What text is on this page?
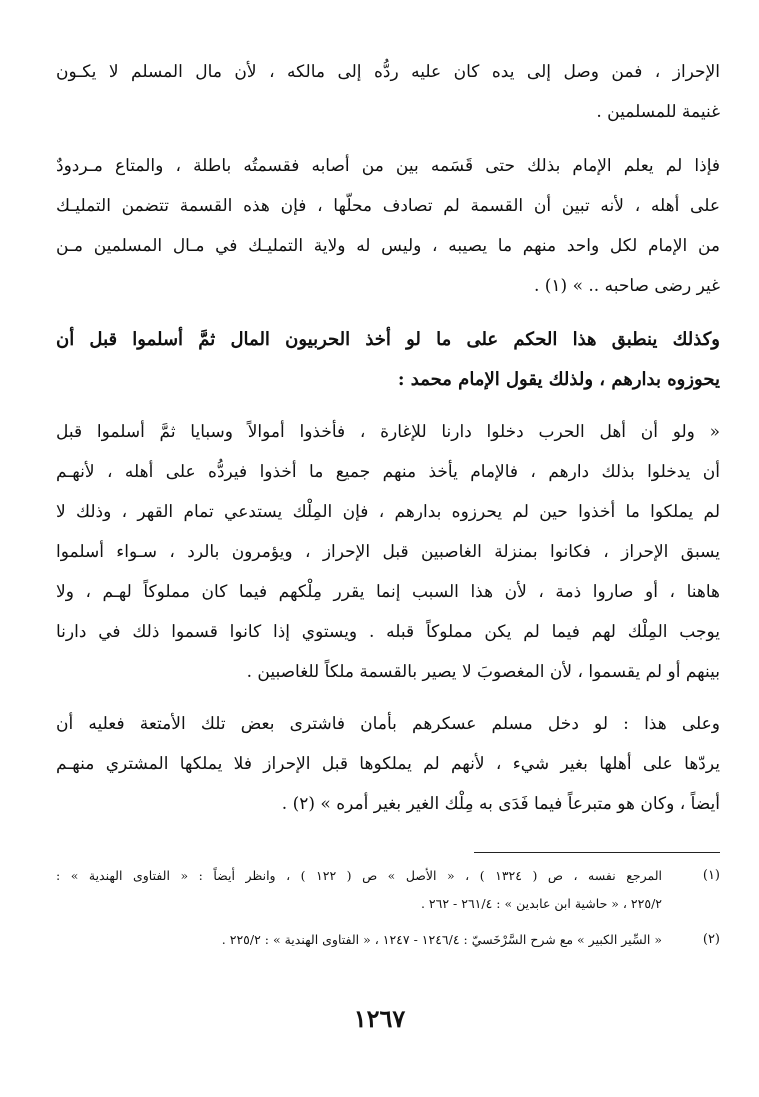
الإحراز ، فمن وصل إلى يده كان عليه ردُّه إلى مالكه ، لأن مال المسلم لا يكـون
غنيمة للمسلمين .
فإذا لم يعلم الإمام بذلك حتى قَسَمه بين من أصابه فقسمتُه باطلة ، والمتاع مـردودٌ
على أهله ، لأنه تبين أن القسمة لم تصادف محلّها ، فإن هذه القسمة تتضمن التمليـك
من الإمام لكل واحد منهم ما يصيبه ، وليس له ولاية التمليـك في مـال المسلمين مـن
غير رضى صاحبه .. » (١) .
وكذلك ينطبق هذا الحكم على ما لو أخذ الحربيون المال ثمَّ أسلموا قبل أن
يحوزوه بدارهم ، ولذلك يقول الإمام محمد :
« ولو أن أهل الحرب دخلوا دارنا للإغارة ، فأخذوا أموالاً وسبايا ثمَّ أسلموا قبل
أن يدخلوا بذلك دارهم ، فالإمام يأخذ منهم جميع ما أخذوا فيردُّه على أهله ، لأنهـم
لم يملكوا ما أخذوا حين لم يحرزوه بدارهم ، فإن المِلْك يستدعي تمام القهر ، وذلك لا
يسبق الإحراز ، فكانوا بمنزلة الغاصبين قبل الإحراز ، ويؤمرون بالرد ، سـواء أسلموا
هاهنا ، أو صاروا ذمة ، لأن هذا السبب إنما يقرر مِلْكهم فيما كان مملوكاً لهـم ، ولا
يوجب المِلْك لهم فيما لم يكن مملوكاً قبله . ويستوي إذا كانوا قسموا ذلك في دارنا
بينهم أو لم يقسموا ، لأن المغصوبَ لا يصير بالقسمة ملكاً للغاصبين .
وعلى هذا : لو دخل مسلم عسكرهم بأمان فاشترى بعض تلك الأمتعة فعليه أن
يردّها على أهلها بغير شيء ، لأنهم لم يملكوها قبل الإحراز فلا يملكها المشتري منهـم
أيضاً ، وكان هو متبرعاً فيما فَدَى به مِلْك الغير بغير أمره » (٢) .
(١)
المرجع نفسه ، ص ( ١٣٢٤ ) ، « الأصل » ص ( ١٢٢ ) ، وانظر أيضاً : « الفتاوى الهندية » :
٢٢٥/٢ ، « حاشية ابن عابدين » : ٢٦١/٤ - ٢٦٢ .
(٢)
« السِّير الكبير » مع شرح السَّرْخَسيّ : ١٢٤٦/٤ - ١٢٤٧ ، « الفتاوى الهندية » : ٢٢٥/٢ .
١٢٦٧
